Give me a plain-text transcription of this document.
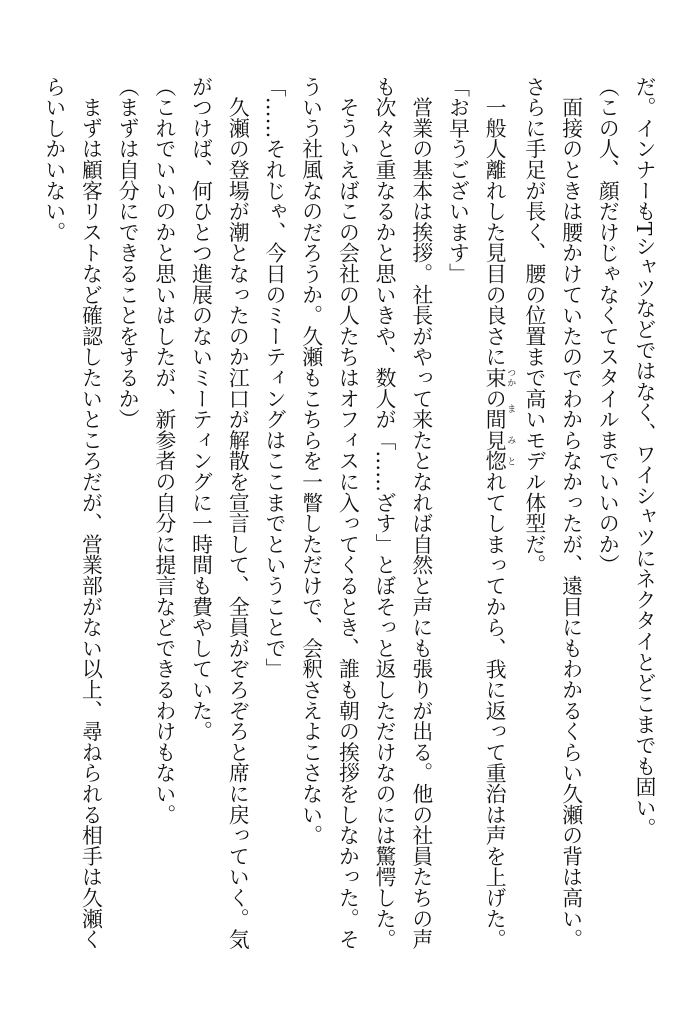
だ。インナーもTシャツなどではなく、ワイシャツにネクタイとどこまでも固い。
（この人、顔だけじゃなくてスタイルまでいいのか）
　面接のときは腰かけていたのでわからなかったが、遠目にもわかるくらい久瀬の背は高い。
さらに手足が長く、腰の位置まで高いモデル体型だ。
　一般人離れした見目の良さに束 つかの間 ま見 み惚 とれてしまってから、我に返って重治は声を上げた。
「お早うございます」
　営業の基本は挨拶。社長がやって来たとなれば自然と声にも張りが出る。他の社員たちの声
も次々と重なるかと思いきや、数人が「……ざす」とぼそっと返しただけなのには驚愕した。
　そういえばこの会社の人たちはオフィスに入ってくるとき、誰も朝の挨拶をしなかった。そ
ういう社風なのだろうか。久瀬もこちらを一瞥しただけで、会釈さえよこさない。
「……それじゃ、今日のミーティングはここまでということで」
　久瀬の登場が潮となったのか江口が解散を宣言して、全員がぞろぞろと席に戻っていく。気
がつけば、何ひとつ進展のないミーティングに一時間も費やしていた。
（これでいいのかと思いはしたが、新参者の自分に提言などできるわけもない。
（まずは自分にできることをするか）
　まずは顧客リストなど確認したいところだが、営業部がない以上、尋ねられる相手は久瀬く
らいしかいない。
